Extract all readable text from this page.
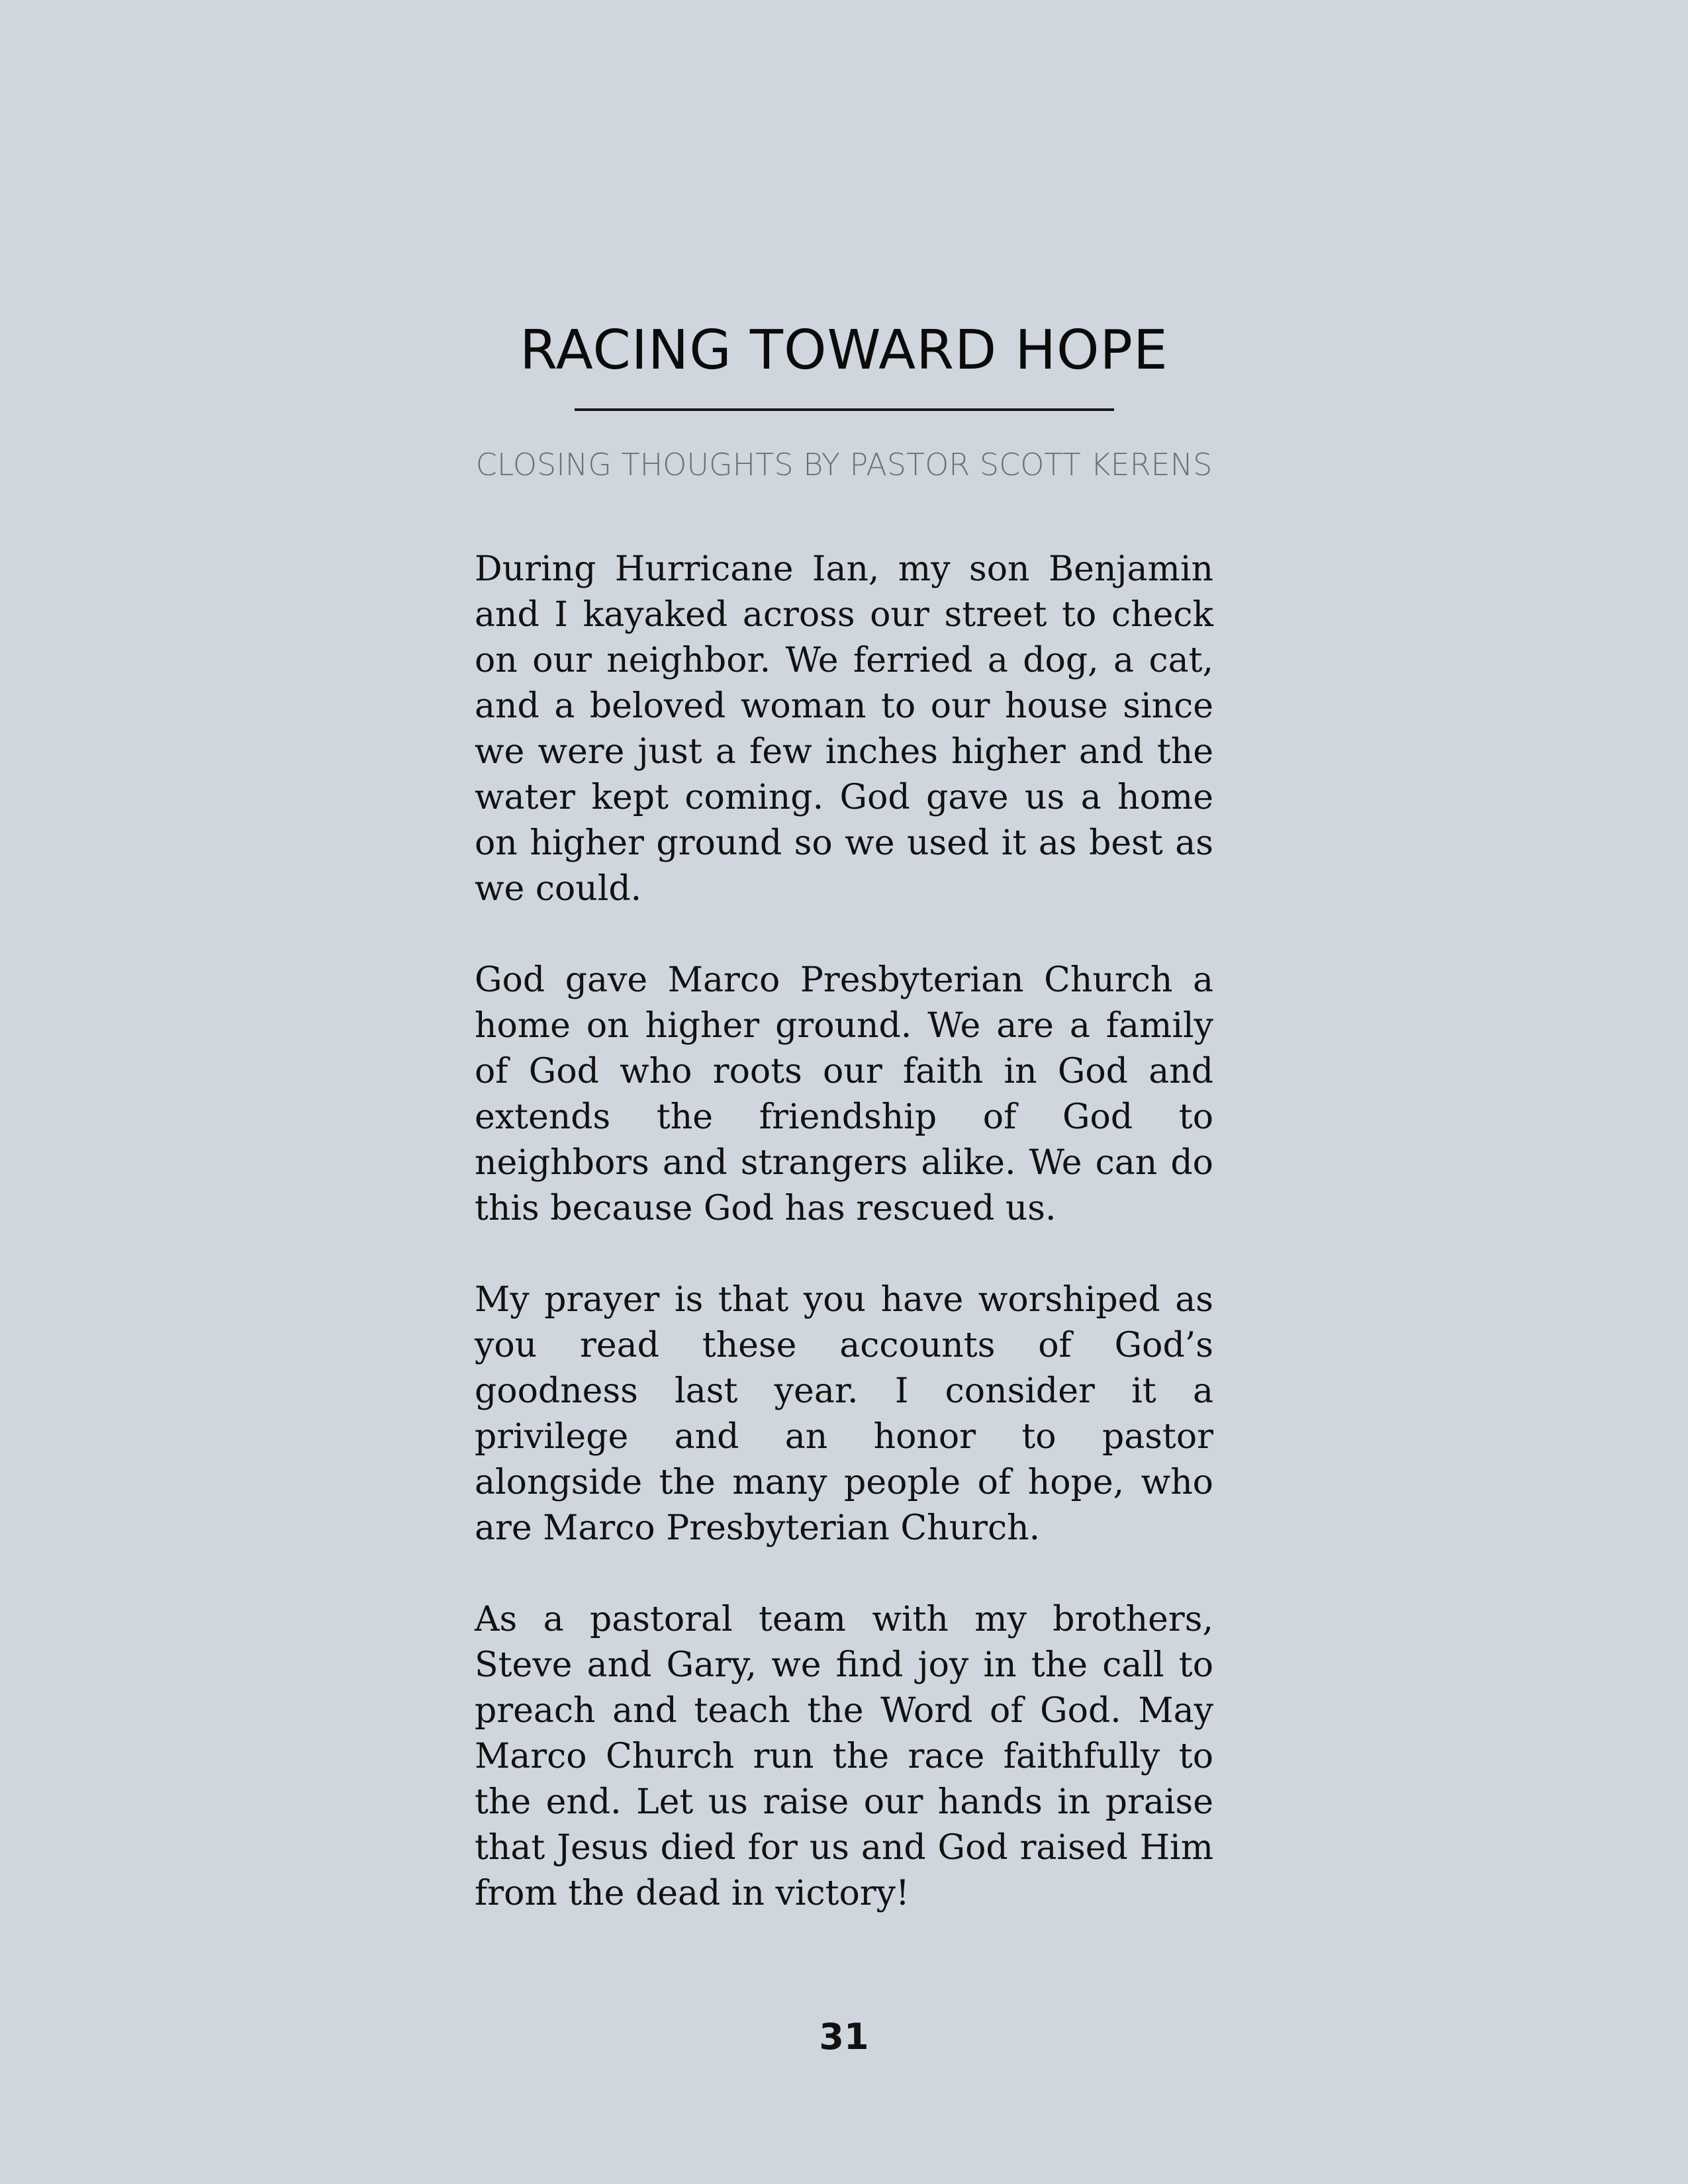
RACING TOWARD HOPE
CLOSING THOUGHTS BY PASTOR SCOTT KERENS

During Hurricane Ian, my son Benjamin and I kayaked across our street to check on our neighbor. We ferried a dog, a cat, and a beloved woman to our house since we were just a few inches higher and the water kept coming. God gave us a home on higher ground so we used it as best as we could.

God gave Marco Presbyterian Church a home on higher ground. We are a family of God who roots our faith in God and extends the friendship of God to neighbors and strangers alike. We can do this because God has rescued us.

My prayer is that you have worshiped as you read these accounts of God’s goodness last year. I consider it a privilege and an honor to pastor alongside the many people of hope, who are Marco Presbyterian Church.

As a pastoral team with my brothers, Steve and Gary, we find joy in the call to preach and teach the Word of God. May Marco Church run the race faithfully to the end. Let us raise our hands in praise that Jesus died for us and God raised Him from the dead in victory!

31
